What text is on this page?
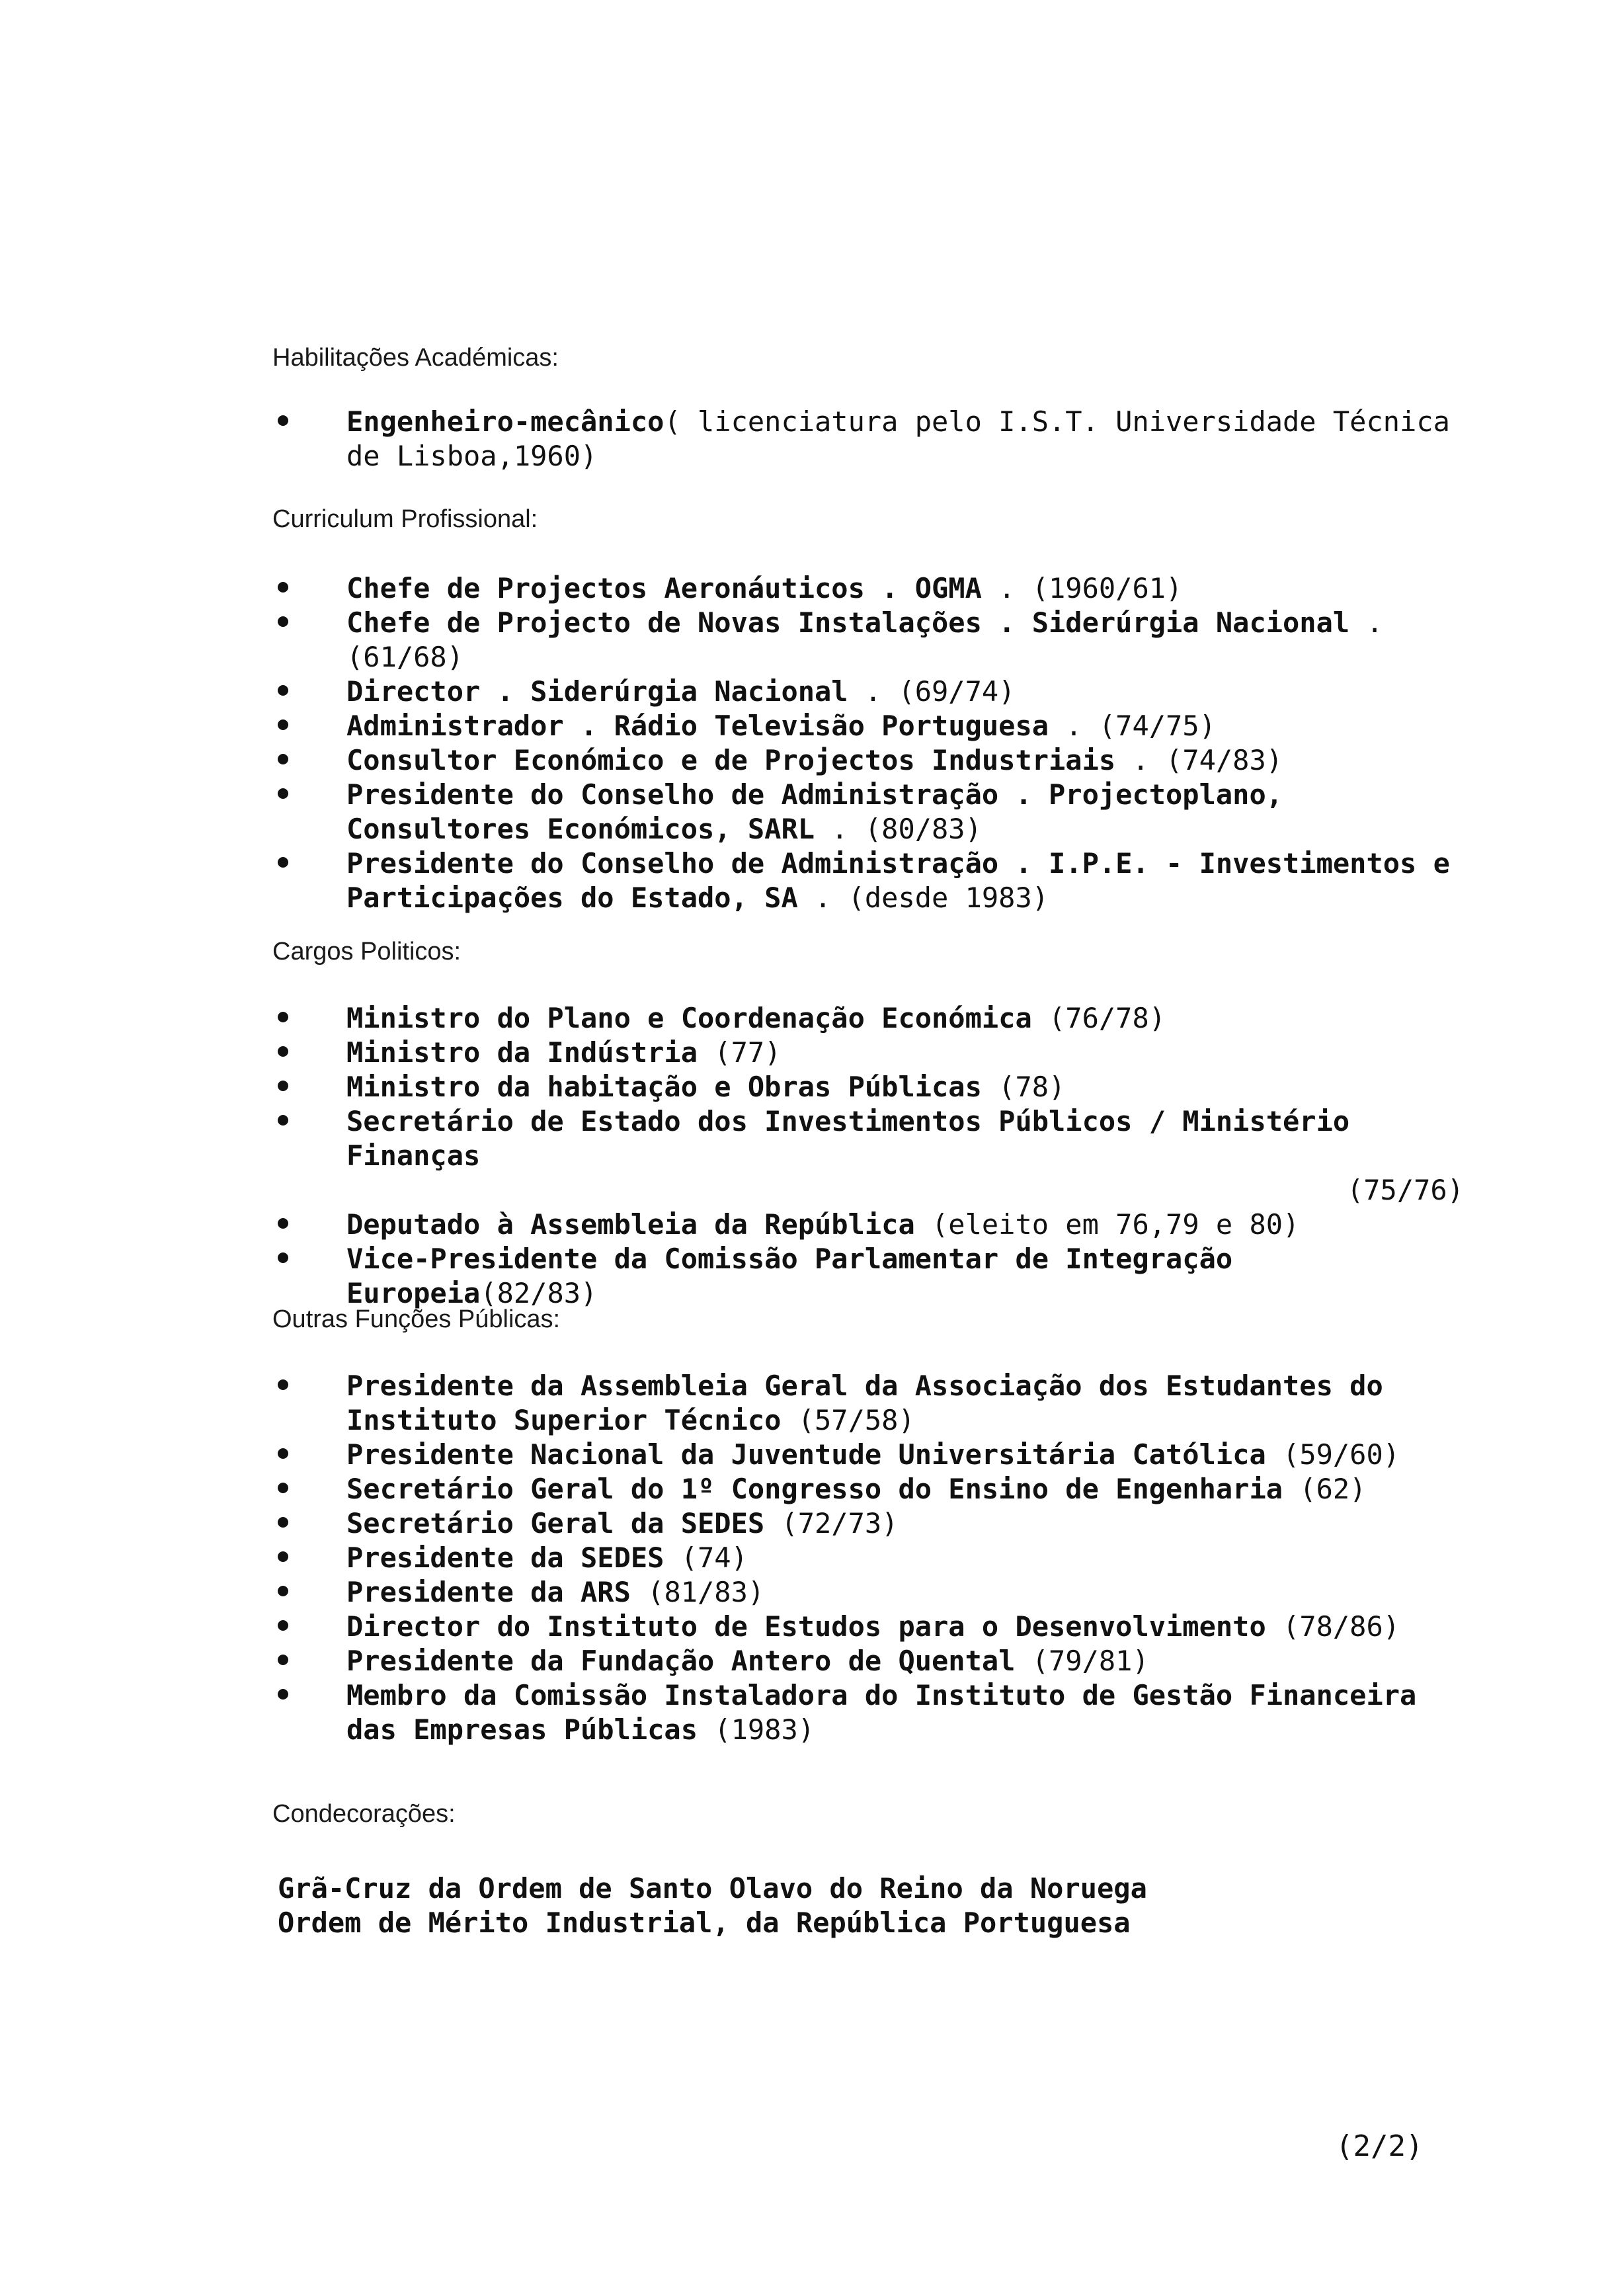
Habilitações Académicas:
Engenheiro-mecânico( licenciatura pelo I.S.T. Universidade Técnica de Lisboa,1960)
Curriculum Profissional:
Chefe de Projectos Aeronáuticos . OGMA . (1960/61)
Chefe de Projecto de Novas Instalações . Siderúrgia Nacional . (61/68)
Director . Siderúrgia Nacional . (69/74)
Administrador . Rádio Televisão Portuguesa . (74/75)
Consultor Económico e de Projectos Industriais . (74/83)
Presidente do Conselho de Administração . Projectoplano, Consultores Económicos, SARL . (80/83)
Presidente do Conselho de Administração . I.P.E. - Investimentos e Participações do Estado, SA . (desde 1983)
Cargos Politicos:
Ministro do Plano e Coordenação Económica (76/78)
Ministro da Indústria (77)
Ministro da habitação e Obras Públicas (78)
Secretário de Estado dos Investimentos Públicos / Ministério Finanças
(75/76)
Deputado à Assembleia da República (eleito em 76,79 e 80)
Vice-Presidente da Comissão Parlamentar de Integração Europeia(82/83)
Outras Funções Públicas:
Presidente da Assembleia Geral da Associação dos Estudantes do Instituto Superior Técnico (57/58)
Presidente Nacional da Juventude Universitária Católica (59/60)
Secretário Geral do 1º Congresso do Ensino de Engenharia (62)
Secretário Geral da SEDES (72/73)
Presidente da SEDES (74)
Presidente da ARS (81/83)
Director do Instituto de Estudos para o Desenvolvimento (78/86)
Presidente da Fundação Antero de Quental (79/81)
Membro da Comissão Instaladora do Instituto de Gestão Financeira das Empresas Públicas (1983)
Condecorações:
Grã-Cruz da Ordem de Santo Olavo do Reino da Noruega
Ordem de Mérito Industrial, da República Portuguesa
(2/2)
